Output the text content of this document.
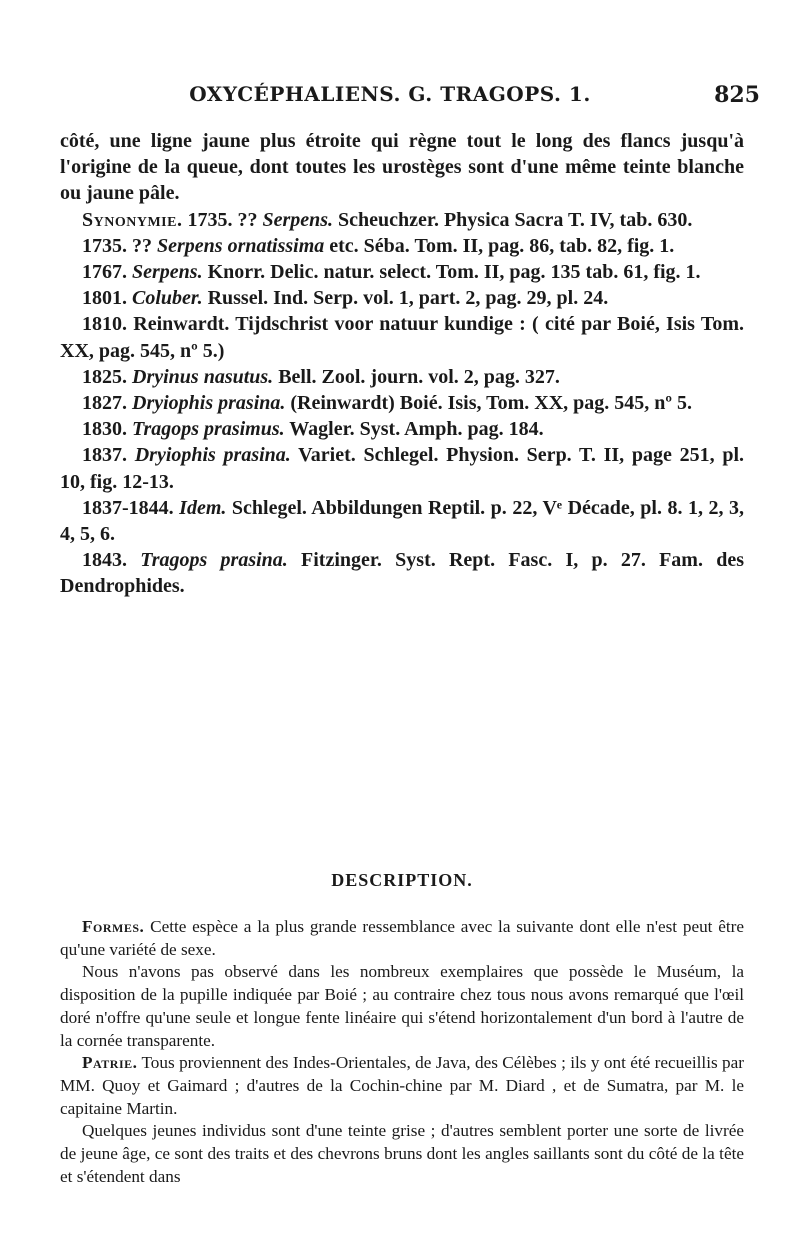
OXYCÉPHALIENS. G. TRAGOPS. 1.	825

côté, une ligne jaune plus étroite qui règne tout le long des flancs jusqu'à l'origine de la queue, dont toutes les urostèges sont d'une même teinte blanche ou jaune pâle.

Synonymie. 1735. ?? Serpens. Scheuchzer. Physica Sacra T. IV, tab. 630.

1735. ?? Serpens ornatissima etc. Séba. Tom. II, pag. 86, tab. 82, fig. 1.

1767. Serpens. Knorr. Delic. natur. select. Tom. II, pag. 135 tab. 61, fig. 1.

1801. Coluber. Russel. Ind. Serp. vol. 1, part. 2, pag. 29, pl. 24.

1810. Reinwardt. Tijdschrist voor natuur kundige : ( cité par Boié, Isis Tom. XX, pag. 545, nº 5.)

1825. Dryinus nasutus. Bell. Zool. journ. vol. 2, pag. 327.

1827. Dryiophis prasina. (Reinwardt) Boié. Isis, Tom. XX, pag. 545, nº 5.

1830. Tragops prasimus. Wagler. Syst. Amph. pag. 184.

1837. Dryiophis prasina. Variet. Schlegel. Physion. Serp. T. II, page 251, pl. 10, fig. 12-13.

1837-1844. Idem. Schlegel. Abbildungen Reptil. p. 22, Vᵉ Décade, pl. 8. 1, 2, 3, 4, 5, 6.

1843. Tragops prasina. Fitzinger. Syst. Rept. Fasc. I, p. 27. Fam. des Dendrophides.

DESCRIPTION.

Formes. Cette espèce a la plus grande ressemblance avec la suivante dont elle n'est peut être qu'une variété de sexe.

Nous n'avons pas observé dans les nombreux exemplaires que possède le Muséum, la disposition de la pupille indiquée par Boié ; au contraire chez tous nous avons remarqué que l'œil doré n'offre qu'une seule et longue fente linéaire qui s'étend horizontalement d'un bord à l'autre de la cornée transparente.

Patrie. Tous proviennent des Indes-Orientales, de Java, des Célèbes ; ils y ont été recueillis par MM. Quoy et Gaimard ; d'autres de la Cochin-chine par M. Diard , et de Sumatra, par M. le capitaine Martin.

Quelques jeunes individus sont d'une teinte grise ; d'autres semblent porter une sorte de livrée de jeune âge, ce sont des traits et des chevrons bruns dont les angles saillants sont du côté de la tête et s'étendent dans
